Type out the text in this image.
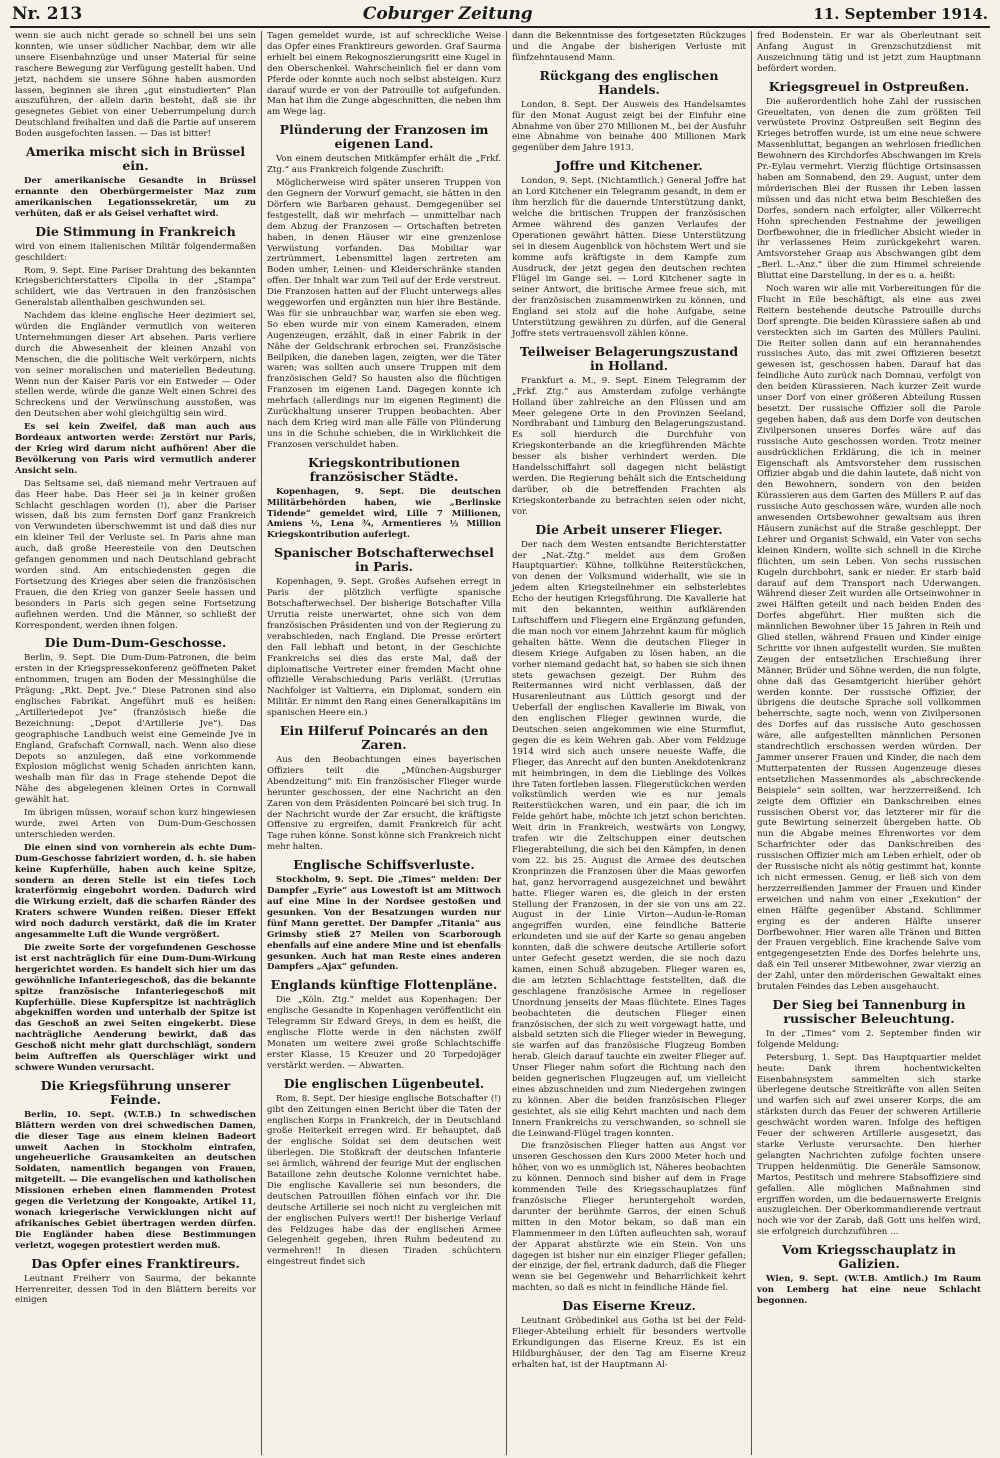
Nr. 213	Coburger Zeitung	11. September 1914.

wenn sie auch nicht gerade so schnell bei uns sein konnten, wie unser südlicher Nachbar, dem wir alle unsere Eisenbahnzüge und unser Material für seine raschere Bewegung zur Verfügung gestellt haben. Und jetzt, nachdem sie unsere Söhne haben ausmorden lassen, beginnen sie ihren „gut einstudierten“ Plan auszuführen, der allein darin besteht, daß sie ihr gesegnetes Gebiet von einer Ueberrumpelung durch Deutschland freihalten und daß die Partie auf unserem Boden ausgefochten lassen. — Das ist bitter!

Amerika mischt sich in Brüssel ein.

Der amerikanische Gesandte in Brüssel ernannte den Oberbürgermeister Maz zum amerikanischen Legationssekretär, um zu verhüten, daß er als Geisel verhaftet wird.

Die Stimmung in Frankreich

wird von einem italienischen Militär folgendermaßen geschildert:

Rom, 9. Sept. Eine Pariser Drahtung des bekannten Kriegsberichterstatters Cipolla in der „Stampa“ schildert, wie das Vertrauen in den französischen Generalstab allenthalben geschwunden sei.

Nachdem das kleine englische Heer dezimiert sei, würden die Engländer vermutlich von weiteren Unternehmungen dieser Art absehen. Paris verliere durch die Abwesenheit der kleinen Anzahl von Menschen, die die politische Welt verkörpern, nichts von seiner moralischen und materiellen Bedeutung. Wenn nun der Kaiser Paris vor ein Entweder — Oder stellen werde, würde die ganze Welt einen Schrei des Schreckens und der Verwünschung ausstoßen, was den Deutschen aber wohl gleichgültig sein wird.

Es sei kein Zweifel, daß man auch aus Bordeaux antworten werde: Zerstört nur Paris, der Krieg wird darum nicht aufhören! Aber die Bevölkerung von Paris wird vermutlich anderer Ansicht sein.

Das Seltsame sei, daß niemand mehr Vertrauen auf das Heer habe. Das Heer sei ja in keiner großen Schlacht geschlagen worden (!), aber die Pariser wissen, daß bis zum fernsten Dorf ganz Frankreich von Verwundeten überschwemmt ist und daß dies nur ein kleiner Teil der Verluste sei. In Paris ahne man auch, daß große Heeresteile von den Deutschen gefangen genommen und nach Deutschland gebracht worden sind. Am entschiedensten gegen die Fortsetzung des Krieges aber seien die französischen Frauen, die den Krieg von ganzer Seele hassen und besonders in Paris sich gegen seine Fortsetzung auflehnen werden. Und die Männer, so schließt der Korrespondent, werden ihnen folgen.

Die Dum-Dum-Geschosse.

Berlin, 9. Sept. Die Dum-Dum-Patronen, die beim ersten in der Kriegspressekonferenz geöffneten Paket entnommen, trugen am Boden der Messinghülse die Prägung: „Rkt. Dept. Jve.“ Diese Patronen sind also englisches Fabrikat. Angeführt muß es heißen: „Artilleriedepot Jve“ (französisch hieße die Bezeichnung: „Depot d'Artillerie Jve“). Das geographische Landbuch weist eine Gemeinde Jve in England, Grafschaft Cornwall, nach. Wenn also diese Depots so anzulegen, daß eine vorkommende Explosion möglichst wenig Schaden anrichten kann, weshalb man für das in Frage stehende Depot die Nähe des abgelegenen kleinen Ortes in Cornwall gewählt hat.

Im übrigen müssen, worauf schon kurz hingewiesen wurde, zwei Arten von Dum-Dum-Geschossen unterschieden werden.

Die einen sind von vornherein als echte Dum-Dum-Geschosse fabriziert worden, d. h. sie haben keine Kupferhülle, haben auch keine Spitze, sondern an deren Stelle ist ein tiefes Loch kraterförmig eingebohrt worden. Dadurch wird die Wirkung erzielt, daß die scharfen Ränder des Kraters schwere Wunden reißen. Dieser Effekt wird noch dadurch verstärkt, daß die im Krater angesammelte Luft die Wunde vergrößert.

Die zweite Sorte der vorgefundenen Geschosse ist erst nachträglich für eine Dum-Dum-Wirkung hergerichtet worden. Es handelt sich hier um das gewöhnliche Infanteriegeschoß, das die bekannte spitze französische Infanteriegeschoß mit Kupferhülle. Diese Kupferspitze ist nachträglich abgekniffen worden und unterhalb der Spitze ist das Geschoß an zwei Seiten eingekerbt. Diese nachträgliche Aenderung bewirkt, daß das Geschoß nicht mehr glatt durchschlägt, sondern beim Auftreffen als Querschläger wirkt und schwere Wunden verursacht.

Die Kriegsführung unserer Feinde.

Berlin, 10. Sept. (W.T.B.) In schwedischen Blättern werden von drei schwedischen Damen, die dieser Tage aus einem kleinen Badeort unweit Aachen in Stockholm eintrafen, ungeheuerliche Grausamkeiten an deutschen Soldaten, namentlich begangen von Frauen, mitgeteilt. — Die evangelischen und katholischen Missionen erheben einen flammenden Protest gegen die Verletzung der Kongoakte, Artikel 11, wonach kriegerische Verwicklungen nicht auf afrikanisches Gebiet übertragen werden dürfen. Die Engländer haben diese Bestimmungen verletzt, wogegen protestiert werden muß.

Das Opfer eines Franktireurs.

Leutnant Freiherr von Saurma, der bekannte Herrenreiter, dessen Tod in den Blättern bereits vor einigen

Tagen gemeldet wurde, ist auf schreckliche Weise das Opfer eines Franktireurs geworden. Graf Saurma erhielt bei einem Rekognoszierungsritt eine Kugel in den Oberschenkel. Wahrscheinlich fiel er dann vom Pferde oder konnte auch noch selbst absteigen. Kurz darauf wurde er von der Patrouille tot aufgefunden. Man hat ihm die Zunge abgeschnitten, die neben ihm am Wege lag.

Plünderung der Franzosen im eigenen Land.

Von einem deutschen Mitkämpfer erhält die „Frkf. Ztg.“ aus Frankreich folgende Zuschrift:

Möglicherweise wird später unseren Truppen von den Gegnern der Vorwurf gemacht, sie hätten in den Dörfern wie Barbaren gehaust. Demgegenüber sei festgestellt, daß wir mehrfach — unmittelbar nach dem Abzug der Franzosen — Ortschaften betreten haben, in denen Häuser wir eine grenzenlose Verwüstung vorfanden. Das Mobiliar war zertrümmert, Lebensmittel lagen zertreten am Boden umher, Leinen- und Kleiderschränke standen offen. Der Inhalt war zum Teil auf der Erde verstreut. Die Franzosen hatten auf der Flucht unterwegs alles weggeworfen und ergänzten nun hier ihre Bestände. Was für sie unbrauchbar war, warfen sie eben weg. So eben wurde mir von einem Kameraden, einem Augenzeugen, erzählt, daß in einer Fabrik in der Nähe der Geldschrank erbrochen sei. Französische Beilpiken, die daneben lagen, zeigten, wer die Täter waren; was sollten auch unsere Truppen mit dem französischen Geld? So hausten also die flüchtigen Franzosen im eigenen Land. Dagegen konnte ich mehrfach (allerdings nur im eigenen Regiment) die Zurückhaltung unserer Truppen beobachten. Aber nach dem Krieg wird man alle Fälle von Plünderung uns in die Schuhe schieben, die in Wirklichkeit die Franzosen verschuldet haben.

Kriegskontributionen französischer Städte.

Kopenhagen, 9. Sept. Die deutschen Militärbehörden haben, wie „Berlinske Tidende“ gemeldet wird, Lille 7 Millionen, Amiens ½, Lena ¾, Armentieres ½ Million Kriegskontribution auferlegt.

Spanischer Botschafterwechsel in Paris.

Kopenhagen, 9. Sept. Großes Aufsehen erregt in Paris der plötzlich verfügte spanische Botschafterwechsel. Der bisherige Botschafter Villa Urrutia reiste unerwartet, ohne sich von dem französischen Präsidenten und von der Regierung zu verabschieden, nach England. Die Presse erörtert den Fall lebhaft und betont, in der Geschichte Frankreichs sei dies das erste Mal, daß der diplomatische Vertreter einer fremden Macht ohne offizielle Verabschiedung Paris verläßt. (Urrutias Nachfolger ist Valtierra, ein Diplomat, sondern ein Militär. Er nimmt den Rang eines Generalkapitäns im spanischen Heere ein.)

Ein Hilferuf Poincarés an den Zaren.

Aus den Beobachtungen eines bayerischen Offiziers teilt die „München-Augsburger Abendzeitung“ mit: Ein französischer Flieger wurde herunter geschossen, der eine Nachricht an den Zaren von dem Präsidenten Poincaré bei sich trug. In der Nachricht wurde der Zar ersucht, die kräftigste Offensive zu ergreifen, damit Frankreich für acht Tage ruhen könne. Sonst könne sich Frankreich nicht mehr halten.

Englische Schiffsverluste.

Stockholm, 9. Sept. Die „Times“ melden: Der Dampfer „Eyrie“ aus Lowestoft ist am Mittwoch auf eine Mine in der Nordsee gestoßen und gesunken. Von der Besatzungen wurden nur fünf Mann gerettet. Der Dampfer „Titania“ aus Grimsby stieß 27 Meilen von Scarborough ebenfalls auf eine andere Mine und ist ebenfalls gesunken. Auch hat man Reste eines anderen Dampfers „Ajax“ gefunden.

Englands künftige Flottenpläne.

Die „Köln. Ztg.“ meldet aus Kopenhagen: Der englische Gesandte in Kopenhagen veröffentlicht ein Telegramm Sir Edward Greys, in dem es heißt, die englische Flotte werde in den nächsten zwölf Monaten um weitere zwei große Schlachtschiffe erster Klasse, 15 Kreuzer und 20 Torpedojäger verstärkt werden. — Abwarten.

Die englischen Lügenbeutel.

Rom, 8. Sept. Der hiesige englische Botschafter (!) gibt den Zeitungen einen Bericht über die Taten der englischen Korps in Frankreich, der in Deutschland große Heiterkeit erregen wird. Er behauptet, daß der englische Soldat sei dem deutschen weit überlegen. Die Stoßkraft der deutschen Infanterie sei ärmlich, während der feurige Mut der englischen Bataillone zehn deutsche Kolonne vernichtet habe. Die englische Kavallerie sei nun besonders, die deutschen Patrouillen flöhen einfach vor ihr. Die deutsche Artillerie sei noch nicht zu vergleichen mit der englischen Pulvers wert!! Der bisherige Verlauf des Feldzuges habe das der englischen Armee Gelegenheit gegeben, ihren Ruhm bedeutend zu vermehren!! In diesen Tiraden schüchtern eingestreut findet sich

dann die Bekenntnisse des fortgesetzten Rückzuges und die Angabe der bisherigen Verluste mit fünfzehntausend Mann.

Rückgang des englischen Handels.

London, 8. Sept. Der Ausweis des Handelsamtes für den Monat August zeigt bei der Einfuhr eine Abnahme von über 270 Millionen M., bei der Ausfuhr eine Abnahme von beinahe 400 Millionen Mark gegenüber dem Jahre 1913.

Joffre und Kitchener.

London, 9. Sept. (Nichtamtlich.) General Joffre hat an Lord Kitchener ein Telegramm gesandt, in dem er ihm herzlich für die dauernde Unterstützung dankt, welche die britischen Truppen der französischen Armee während des ganzen Verlaufes der Operationen gewährt hätten. Diese Unterstützung sei in diesem Augenblick von höchstem Wert und sie komme aufs kräftigste in dem Kampfe zum Ausdruck, der jetzt gegen den deutschen rechten Flügel im Gange sei. — Lord Kitchener sagte in seiner Antwort, die britische Armee freue sich, mit der französischen zusammenwirken zu können, und England sei stolz auf die hohe Aufgabe, seine Unterstützung gewähren zu dürfen, auf die General Joffre stets vertrauensvoll zählen könne.

Teilweiser Belagerungszustand in Holland.

Frankfurt a. M., 9. Sept. Einem Telegramm der „Frkf. Ztg.“ aus Amsterdam zufolge verhängte Holland über zahlreiche an den Flüssen und am Meer gelegene Orte in den Provinzen Seeland, Nordbrabant und Limburg den Belagerungszustand. Es soll hierdurch die Durchfuhr von Kriegskonterbande an die kriegführenden Mächte besser als bisher verhindert werden. Die Handelsschiffahrt soll dagegen nicht belästigt werden. Die Regierung behält sich die Entscheidung darüber, ob die betreffenden Frachten als Kriegskonterbande zu betrachten seien oder nicht, vor.

Die Arbeit unserer Flieger.

Der nach dem Westen entsandte Berichterstatter der „Nat.-Ztg.“ meldet aus dem Großen Hauptquartier: Kühne, tollkühne Reiterstückchen, von denen der Volksmund widerhallt, wie sie in jedem alten Kriegsteilnehmer ein selbsterlebtes Echo der heutigen Kriegsführung. Die Kavallerie hat mit den bekannten, weithin aufklärenden Luftschiffern und Fliegern eine Ergänzung gefunden, die man noch vor einem Jahrzehnt kaum für möglich gehalten hätte. Wenn die deutschen Flieger in diesem Kriege Aufgaben zu lösen haben, an die vorher niemand gedacht hat, so haben sie sich ihnen stets gewachsen gezeigt. Der Ruhm des Reitermannes wird nicht verblassen, daß der Husarenleutnant aus Lüttich gesorgt und der Ueberfall der englischen Kavallerie im Biwak, von den englischen Flieger gewinnen wurde, die Deutschen seien angekommen wie eine Sturmflut, gegen die es kein Wehren gab. Aber vom Feldzuge 1914 wird sich auch unsere neueste Waffe, die Flieger, das Anrecht auf den bunten Anekdotenkranz mit heimbringen, in dem die Lieblinge des Volkes ihre Taten fortleben lassen. Fliegerstückchen werden volkstümlich werden wie es nur jemals Reiterstückchen waren, und ein paar, die ich im Felde gehört habe, möchte ich jetzt schon berichten. Weit drin in Frankreich, westwärts von Longwy, trafen wir die Zeltschuppen einer deutschen Fliegerabteilung, die sich bei den Kämpfen, in denen vom 22. bis 25. August die Armee des deutschen Kronprinzen die Franzosen über die Maas geworfen hat, ganz hervorragend ausgezeichnet und bewährt hatte. Flieger waren es, die gleich in der ersten Stellung der Franzosen, in der sie von uns am 22. August in der Linie Virton—Audun-le-Roman angegriffen wurden, eine feindliche Batterie erkundeten und sie auf der Karte so genau angeben konnten, daß die schwere deutsche Artillerie sofort unter Gefecht gesetzt werden, die sie noch dazu kamen, einen Schuß abzugeben. Flieger waren es, die am letzten Schlachttage feststellten, daß die geschlagene französische Armee in regelloser Unordnung jenseits der Maas flüchtete. Eines Tages beobachteten die deutschen Flieger einen französischen, der sich zu weit vorgewagt hatte, und alsbald setzten sich die Flieger wieder in Bewegung, sie warfen auf das französische Flugzeug Bomben herab. Gleich darauf tauchte ein zweiter Flieger auf. Unser Flieger nahm sofort die Richtung nach den beiden gegnerischen Flugzeugen auf, um vielleicht eines abzuschneiden und zum Niedergehen zwingen zu können. Aber die beiden französischen Flieger gesichtet, als sie eilig Kehrt machten und nach dem Innern Frankreichs zu verschwanden, so schnell sie die Leinwand-Flügel tragen konnten.

Die französischen Flieger hatten aus Angst vor unseren Geschossen den Kurs 2000 Meter hoch und höher, von wo es unmöglich ist, Näheres beobachten zu können. Dennoch sind bisher auf dem in Frage kommenden Teile des Kriegsschauplatzes fünf französische Flieger heruntergeholt worden, darunter der berühmte Garros, der einen Schuß mitten in den Motor bekam, so daß man ein Flammenmeer in den Lüften aufleuchten sah, worauf der Apparat abstürzte wie ein Stein. Von uns dagegen ist bisher nur ein einziger Flieger gefallen; der einzige, der fiel, ertrank dadurch, daß die Flieger wenn sie bei Gegenwehr und Beharrlichkeit kehrt machten, so daß es nicht in feindliche Hände fiel.

Das Eiserne Kreuz.

Leutnant Gröbedinkel aus Gotha ist bei der Feld-Flieger-Abteilung erhielt für besonders wertvolle Erkundigungen das Eiserne Kreuz. Es ist ein Hildburghäuser, der den Tag am Eiserne Kreuz erhalten hat, ist der Hauptmann Al-

fred Bodenstein. Er war als Oberleutnant seit Anfang August in Grenzschutzdienst mit Auszeichnung tätig und ist jetzt zum Hauptmann befördert worden.

Kriegsgreuel in Ostpreußen.

Die außerordentlich hohe Zahl der russischen Greueltaten, von denen die zum größten Teil verwüstete Provinz Ostpreußen seit Beginn des Krieges betroffen wurde, ist um eine neue schwere Massenbluttat, begangen an wehrlosen friedlichen Bewohnern des Kirchdorfes Abschwangen im Kreis Pr.-Eylau vermehrt. Vierzig flüchtige Ortsinsassen haben am Sonnabend, den 29. August, unter dem mörderischen Blei der Russen ihr Leben lassen müssen und das nicht etwa beim Beschießen des Dorfes, sondern nach erfolgter, aller Völkerrecht Hohn sprechenden Festnahme der jeweiligen Dorfbewohner, die in friedlicher Absicht wieder in ihr verlassenes Heim zurückgekehrt waren. Amtsvorsteher Graap aus Abschwangen gibt dem „Berl. L.-Anz.“ über die zum Himmel schreiende Bluttat eine Darstellung, in der es u. a. heißt:

Noch waren wir alle mit Vorbereitungen für die Flucht in Eile beschäftigt, als eine aus zwei Reitern bestehende deutsche Patrouille durchs Dorf sprengte. Die beiden Kürassiere saßen ab und versteckten sich im Garten des Müllers Paulini. Die Reiter sollen dann auf ein herannahendes russisches Auto, das mit zwei Offizieren besetzt gewesen ist, geschossen haben. Darauf hat das feindliche Auto zurück nach Domnau, verfolgt von den beiden Kürassieren. Nach kurzer Zeit wurde unser Dorf von einer größeren Abteilung Russen besetzt. Der russische Offizier soll die Parole gegeben haben, daß aus dem Dorfe von deutschen Zivilpersonen unseres Dorfes wäre auf das russische Auto geschossen worden. Trotz meiner ausdrücklichen Erklärung, die ich in meiner Eigenschaft als Amtsvorsteher dem russischen Offizier abgab und die dahin lautete, daß nicht von den Bewohnern, sondern von den beiden Kürassieren aus dem Garten des Müllers P. auf das russische Auto geschossen wäre, wurden alle noch anwesenden Ortsbewohner gewaltsam aus ihren Häusern zunächst auf die Straße geschleppt. Der Lehrer und Organist Schwald, ein Vater von sechs kleinen Kindern, wollte sich schnell in die Kirche flüchten, um sein Leben. Von sechs russischen Kugeln durchbohrt, sank er nieder. Er starb bald darauf auf dem Transport nach Uderwangen. Während dieser Zeit wurden alle Ortseinwohner in zwei Hälften geteilt und nach beiden Enden des Dorfes abgeführt. Hier mußten sich die männlichen Bewohner über 15 Jahren in Reih und Glied stellen, während Frauen und Kinder einige Schritte vor ihnen aufgestellt wurden. Sie mußten Zeugen der entsetzlichen Erschießung ihrer Männer, Brüder und Söhne werden, die nun folgte, ohne daß das Gesamtgericht hierüber gehört werden konnte. Der russische Offizier, der übrigens die deutsche Sprache soll vollkommen beherrschte, sagte noch, wenn von Zivilpersonen des Dorfes auf das russische Auto geschossen wäre, alle aufgestellten männlichen Personen standrechtlich erschossen werden würden. Der Jammer unserer Frauen und Kinder, die nach dem Mutterpatenten der Russen Augenzeuge dieses entsetzlichen Massenmordes als „abschreckende Beispiele“ sein sollten, war herzzerreißend. Ich zeigte dem Offizier ein Dankschreiben eines russischen Oberst vor, das letzterer mir für die gute Bewirtung seinerzeit übergeben hatte. Ob nun die Abgabe meines Ehrenwortes vor dem Scharfrichter oder das Dankschreiben des russischen Offizier mich am Leben erhielt, oder ob der Russische nicht als nötig gestimmt hat, konnte ich nicht ermessen. Genug, er ließ sich von dem herzzerreißenden Jammer der Frauen und Kinder erweichen und nahm von einer „Exekution“ der einen Hälfte gegenüber Abstand. Schlimmer erging es der anderen Hälfte unserer Dorfbewohner. Hier waren alle Tränen und Bitten der Frauen vergeblich. Eine krachende Salve vom entgegengesetzten Ende des Dorfes belehrte uns, daß ein Teil unserer Mitbewohner, zwar vierzig an der Zahl, unter den mörderischen Gewaltakt eines brutalen Feindes das Leben ausgehaucht.

Der Sieg bei Tannenburg in russischer Beleuchtung.

In der „Times“ vom 2. September finden wir folgende Meldung:

Petersburg, 1. Sept. Das Hauptquartier meldet heute: Dank ihrem hochentwickelten Eisenbahnsystem sammelten sich starke überlegene deutsche Streitkräfte von allen Seiten und warfen sich auf zwei unserer Korps, die am stärksten durch das Feuer der schweren Artillerie geschwächt worden waren. Infolge des heftigen Feuer der schweren Artillerie ausgesetzt, das starke Verluste verursachte. Den hierher gelangten Nachrichten zufolge fochten unsere Truppen heldenmütig. Die Generäle Samsonow, Martos, Pestitsch und mehrere Stabsoffiziere sind gefallen. Alle möglichen Maßnahmen sind ergriffen worden, um die bedauernswerte Ereignis auszugleichen. Der Oberkommandierende vertraut noch wie vor der Zarab, daß Gott uns helfen wird, sie erfolgreich durchzuführen …

Vom Kriegsschauplatz in Galizien.

Wien, 9. Sept. (W.T.B. Amtlich.) Im Raum von Lemberg hat eine neue Schlacht begonnen.
